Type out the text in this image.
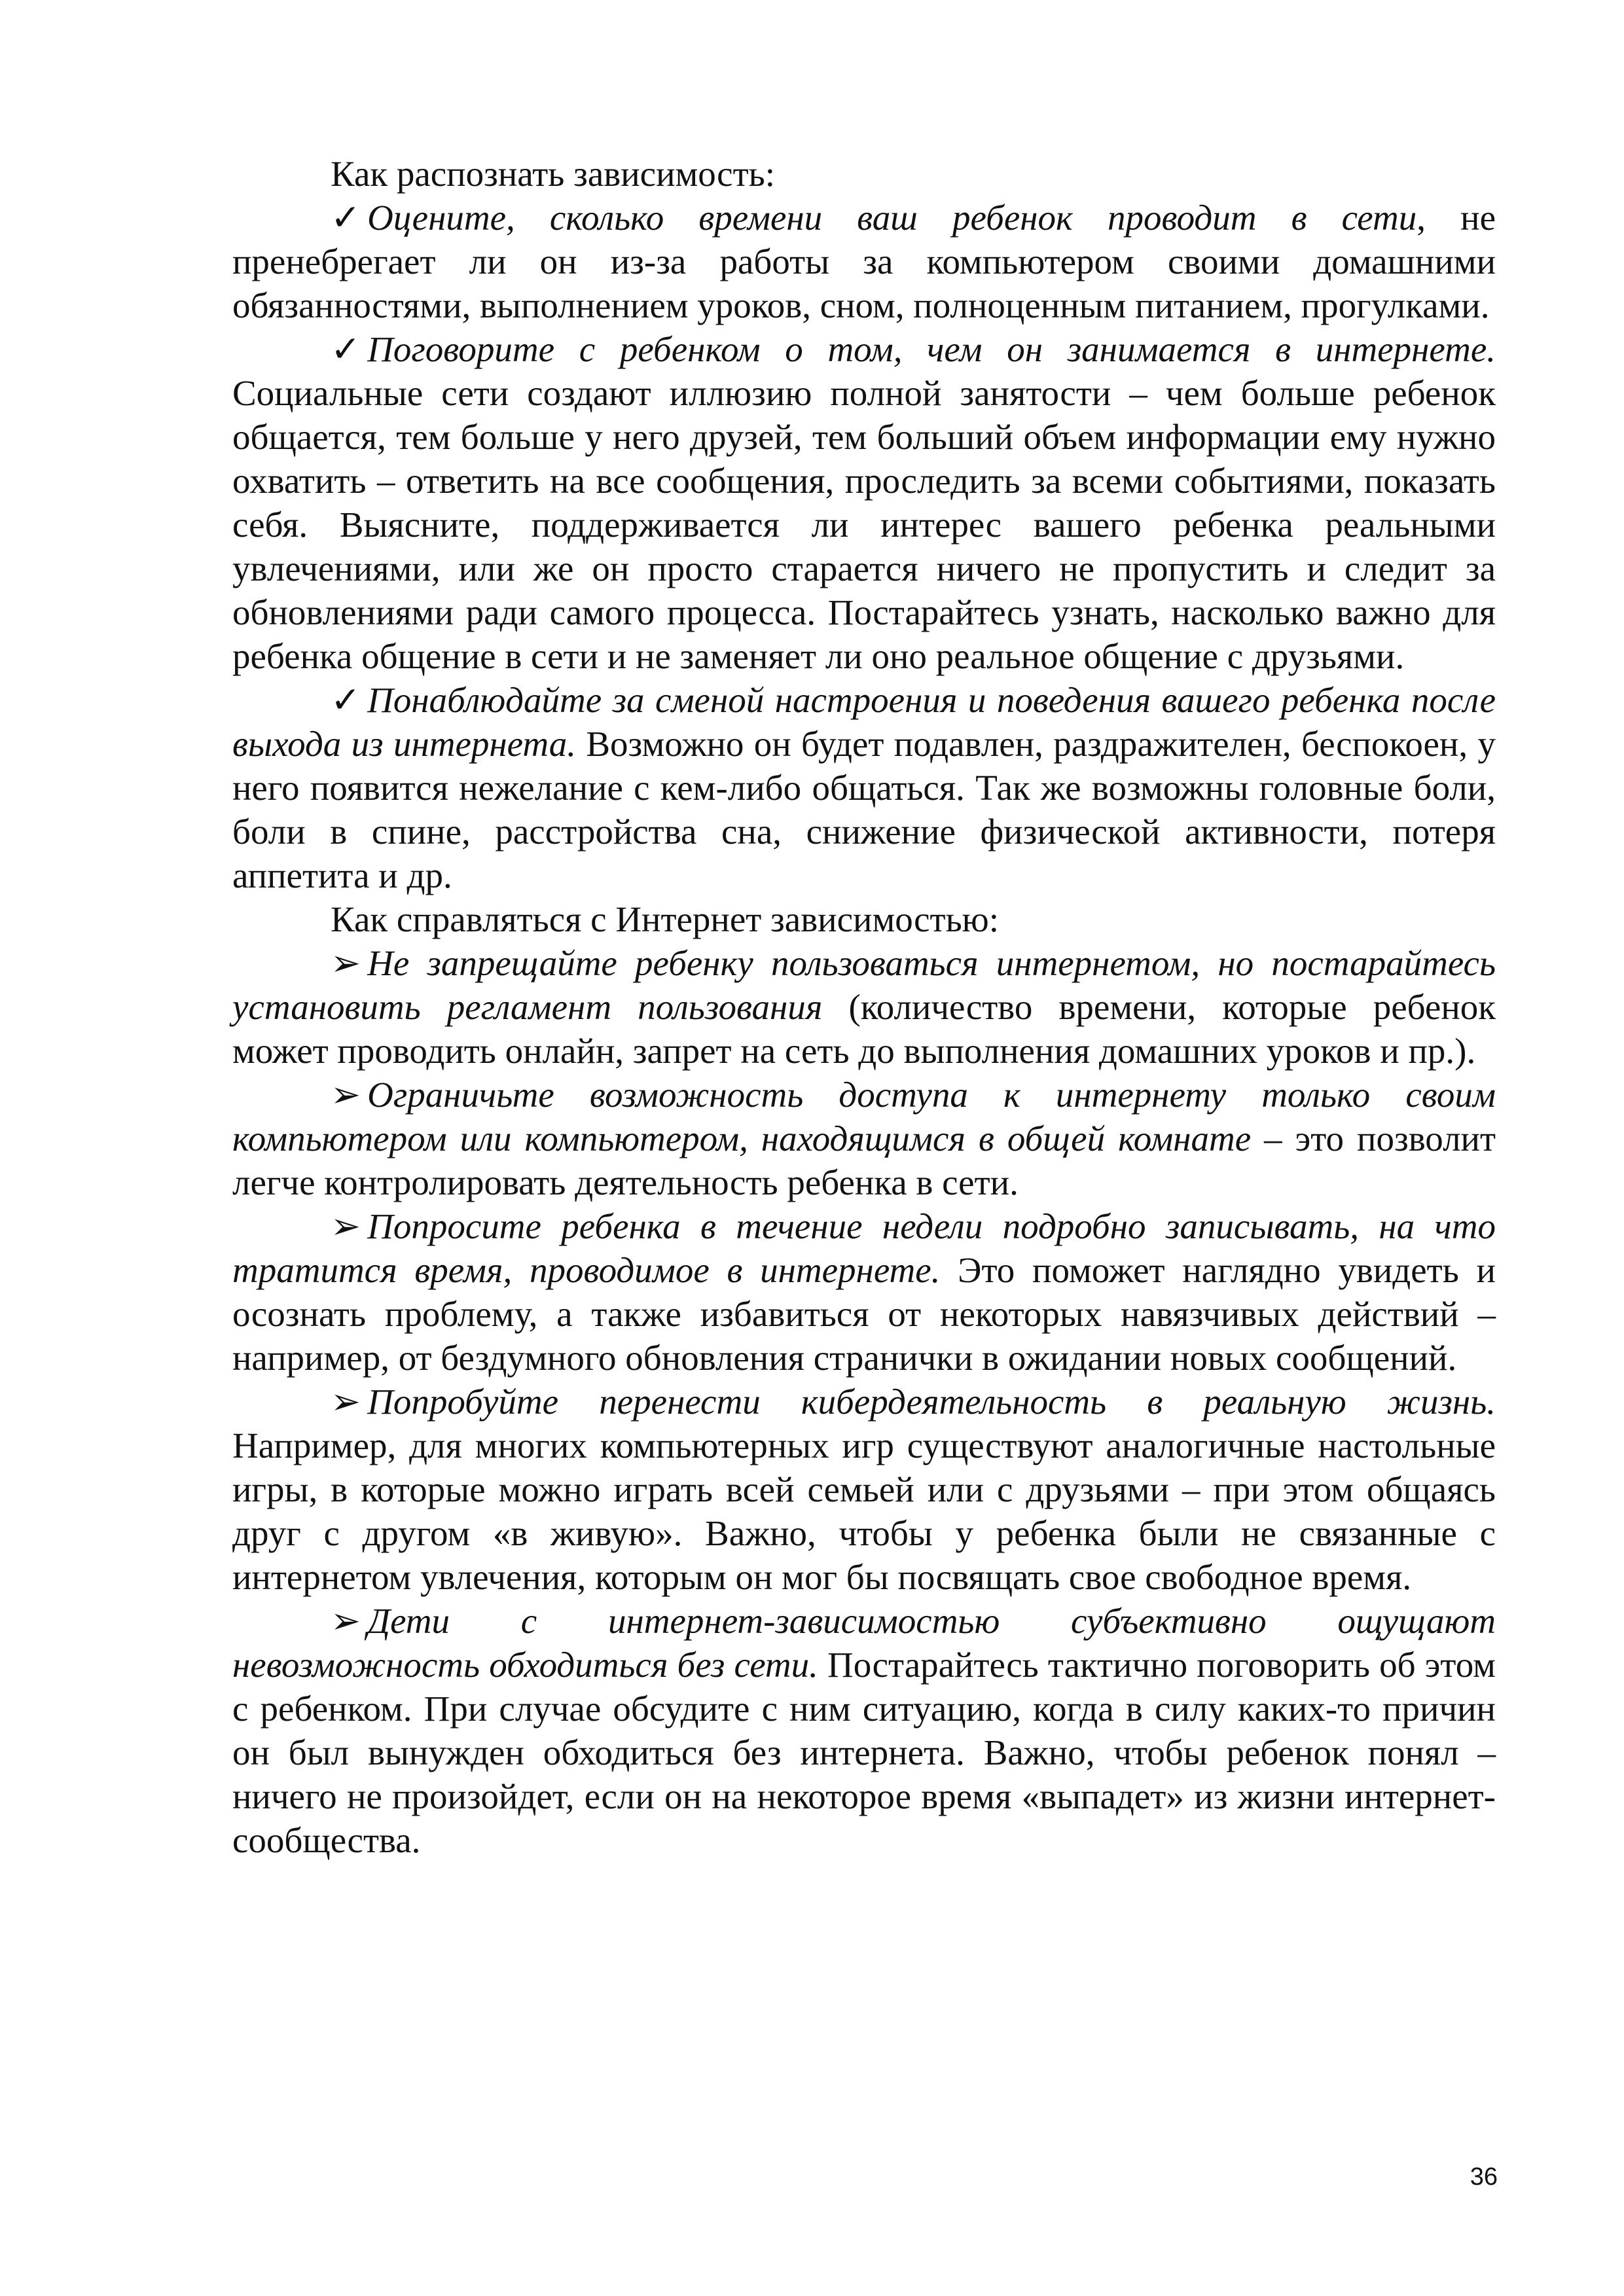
Как распознать зависимость:

✓ Оцените, сколько времени ваш ребенок проводит в сети, не пренебрегает ли он из-за работы за компьютером своими домашними обязанностями, выполнением уроков, сном, полноценным питанием, прогулками.

✓ Поговорите с ребенком о том, чем он занимается в интернете. Социальные сети создают иллюзию полной занятости – чем больше ребенок общается, тем больше у него друзей, тем больший объем информации ему нужно охватить – ответить на все сообщения, проследить за всеми событиями, показать себя. Выясните, поддерживается ли интерес вашего ребенка реальными увлечениями, или же он просто старается ничего не пропустить и следит за обновлениями ради самого процесса. Постарайтесь узнать, насколько важно для ребенка общение в сети и не заменяет ли оно реальное общение с друзьями.

✓ Понаблюдайте за сменой настроения и поведения вашего ребенка после выхода из интернета. Возможно он будет подавлен, раздражителен, беспокоен, у него появится нежелание с кем-либо общаться. Так же возможны головные боли, боли в спине, расстройства сна, снижение физической активности, потеря аппетита и др.

Как справляться с Интернет зависимостью:

➢ Не запрещайте ребенку пользоваться интернетом, но постарайтесь установить регламент пользования (количество времени, которые ребенок может проводить онлайн, запрет на сеть до выполнения домашних уроков и пр.).

➢ Ограничьте возможность доступа к интернету только своим компьютером или компьютером, находящимся в общей комнате – это позволит легче контролировать деятельность ребенка в сети.

➢ Попросите ребенка в течение недели подробно записывать, на что тратится время, проводимое в интернете. Это поможет наглядно увидеть и осознать проблему, а также избавиться от некоторых навязчивых действий – например, от бездумного обновления странички в ожидании новых сообщений.

➢ Попробуйте перенести кибердеятельность в реальную жизнь. Например, для многих компьютерных игр существуют аналогичные настольные игры, в которые можно играть всей семьей или с друзьями – при этом общаясь друг с другом «в живую». Важно, чтобы у ребенка были не связанные с интернетом увлечения, которым он мог бы посвящать свое свободное время.

➢ Дети с интернет-зависимостью субъективно ощущают невозможность обходиться без сети. Постарайтесь тактично поговорить об этом с ребенком. При случае обсудите с ним ситуацию, когда в силу каких-то причин он был вынужден обходиться без интернета. Важно, чтобы ребенок понял – ничего не произойдет, если он на некоторое время «выпадет» из жизни интернет-сообщества.

36
